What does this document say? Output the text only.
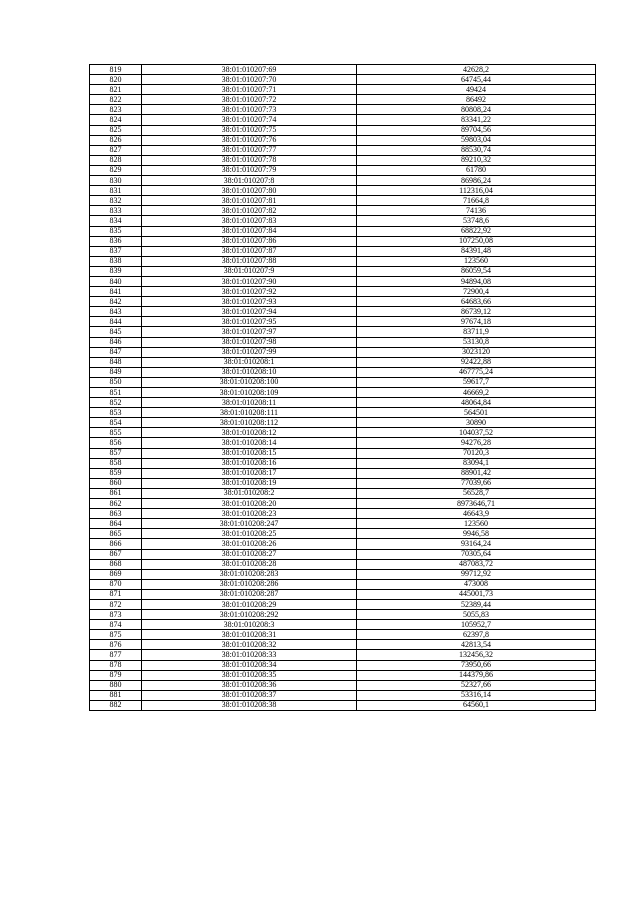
819	38:01:010207:69	42628,2
820	38:01:010207:70	64745,44
821	38:01:010207:71	49424
822	38:01:010207:72	86492
823	38:01:010207:73	80808,24
824	38:01:010207:74	83341,22
825	38:01:010207:75	89704,56
826	38:01:010207:76	59803,04
827	38:01:010207:77	88530,74
828	38:01:010207:78	89210,32
829	38:01:010207:79	61780
830	38:01:010207:8	86986,24
831	38:01:010207:80	112316,04
832	38:01:010207:81	71664,8
833	38:01:010207:82	74136
834	38:01:010207:83	53748,6
835	38:01:010207:84	68822,92
836	38:01:010207:86	107250,08
837	38:01:010207:87	84391,48
838	38:01:010207:88	123560
839	38:01:010207:9	86059,54
840	38:01:010207:90	94894,08
841	38:01:010207:92	72900,4
842	38:01:010207:93	64683,66
843	38:01:010207:94	86739,12
844	38:01:010207:95	97674,18
845	38:01:010207:97	83711,9
846	38:01:010207:98	53130,8
847	38:01:010207:99	3023120
848	38:01:010208:1	92422,88
849	38:01:010208:10	467775,24
850	38:01:010208:100	59617,7
851	38:01:010208:109	46669,2
852	38:01:010208:11	48064,84
853	38:01:010208:111	564501
854	38:01:010208:112	30890
855	38:01:010208:12	104037,52
856	38:01:010208:14	94276,28
857	38:01:010208:15	70120,3
858	38:01:010208:16	83094,1
859	38:01:010208:17	88901,42
860	38:01:010208:19	77039,66
861	38:01:010208:2	56528,7
862	38:01:010208:20	8973646,71
863	38:01:010208:23	46643,9
864	38:01:010208:247	123560
865	38:01:010208:25	9946,58
866	38:01:010208:26	93164,24
867	38:01:010208:27	70305,64
868	38:01:010208:28	487083,72
869	38:01:010208:283	99712,92
870	38:01:010208:286	473008
871	38:01:010208:287	445001,73
872	38:01:010208:29	52389,44
873	38:01:010208:292	5055,83
874	38:01:010208:3	105952,7
875	38:01:010208:31	62397,8
876	38:01:010208:32	42813,54
877	38:01:010208:33	132456,32
878	38:01:010208:34	73950,66
879	38:01:010208:35	144379,86
880	38:01:010208:36	52327,66
881	38:01:010208:37	53316,14
882	38:01:010208:38	64560,1
